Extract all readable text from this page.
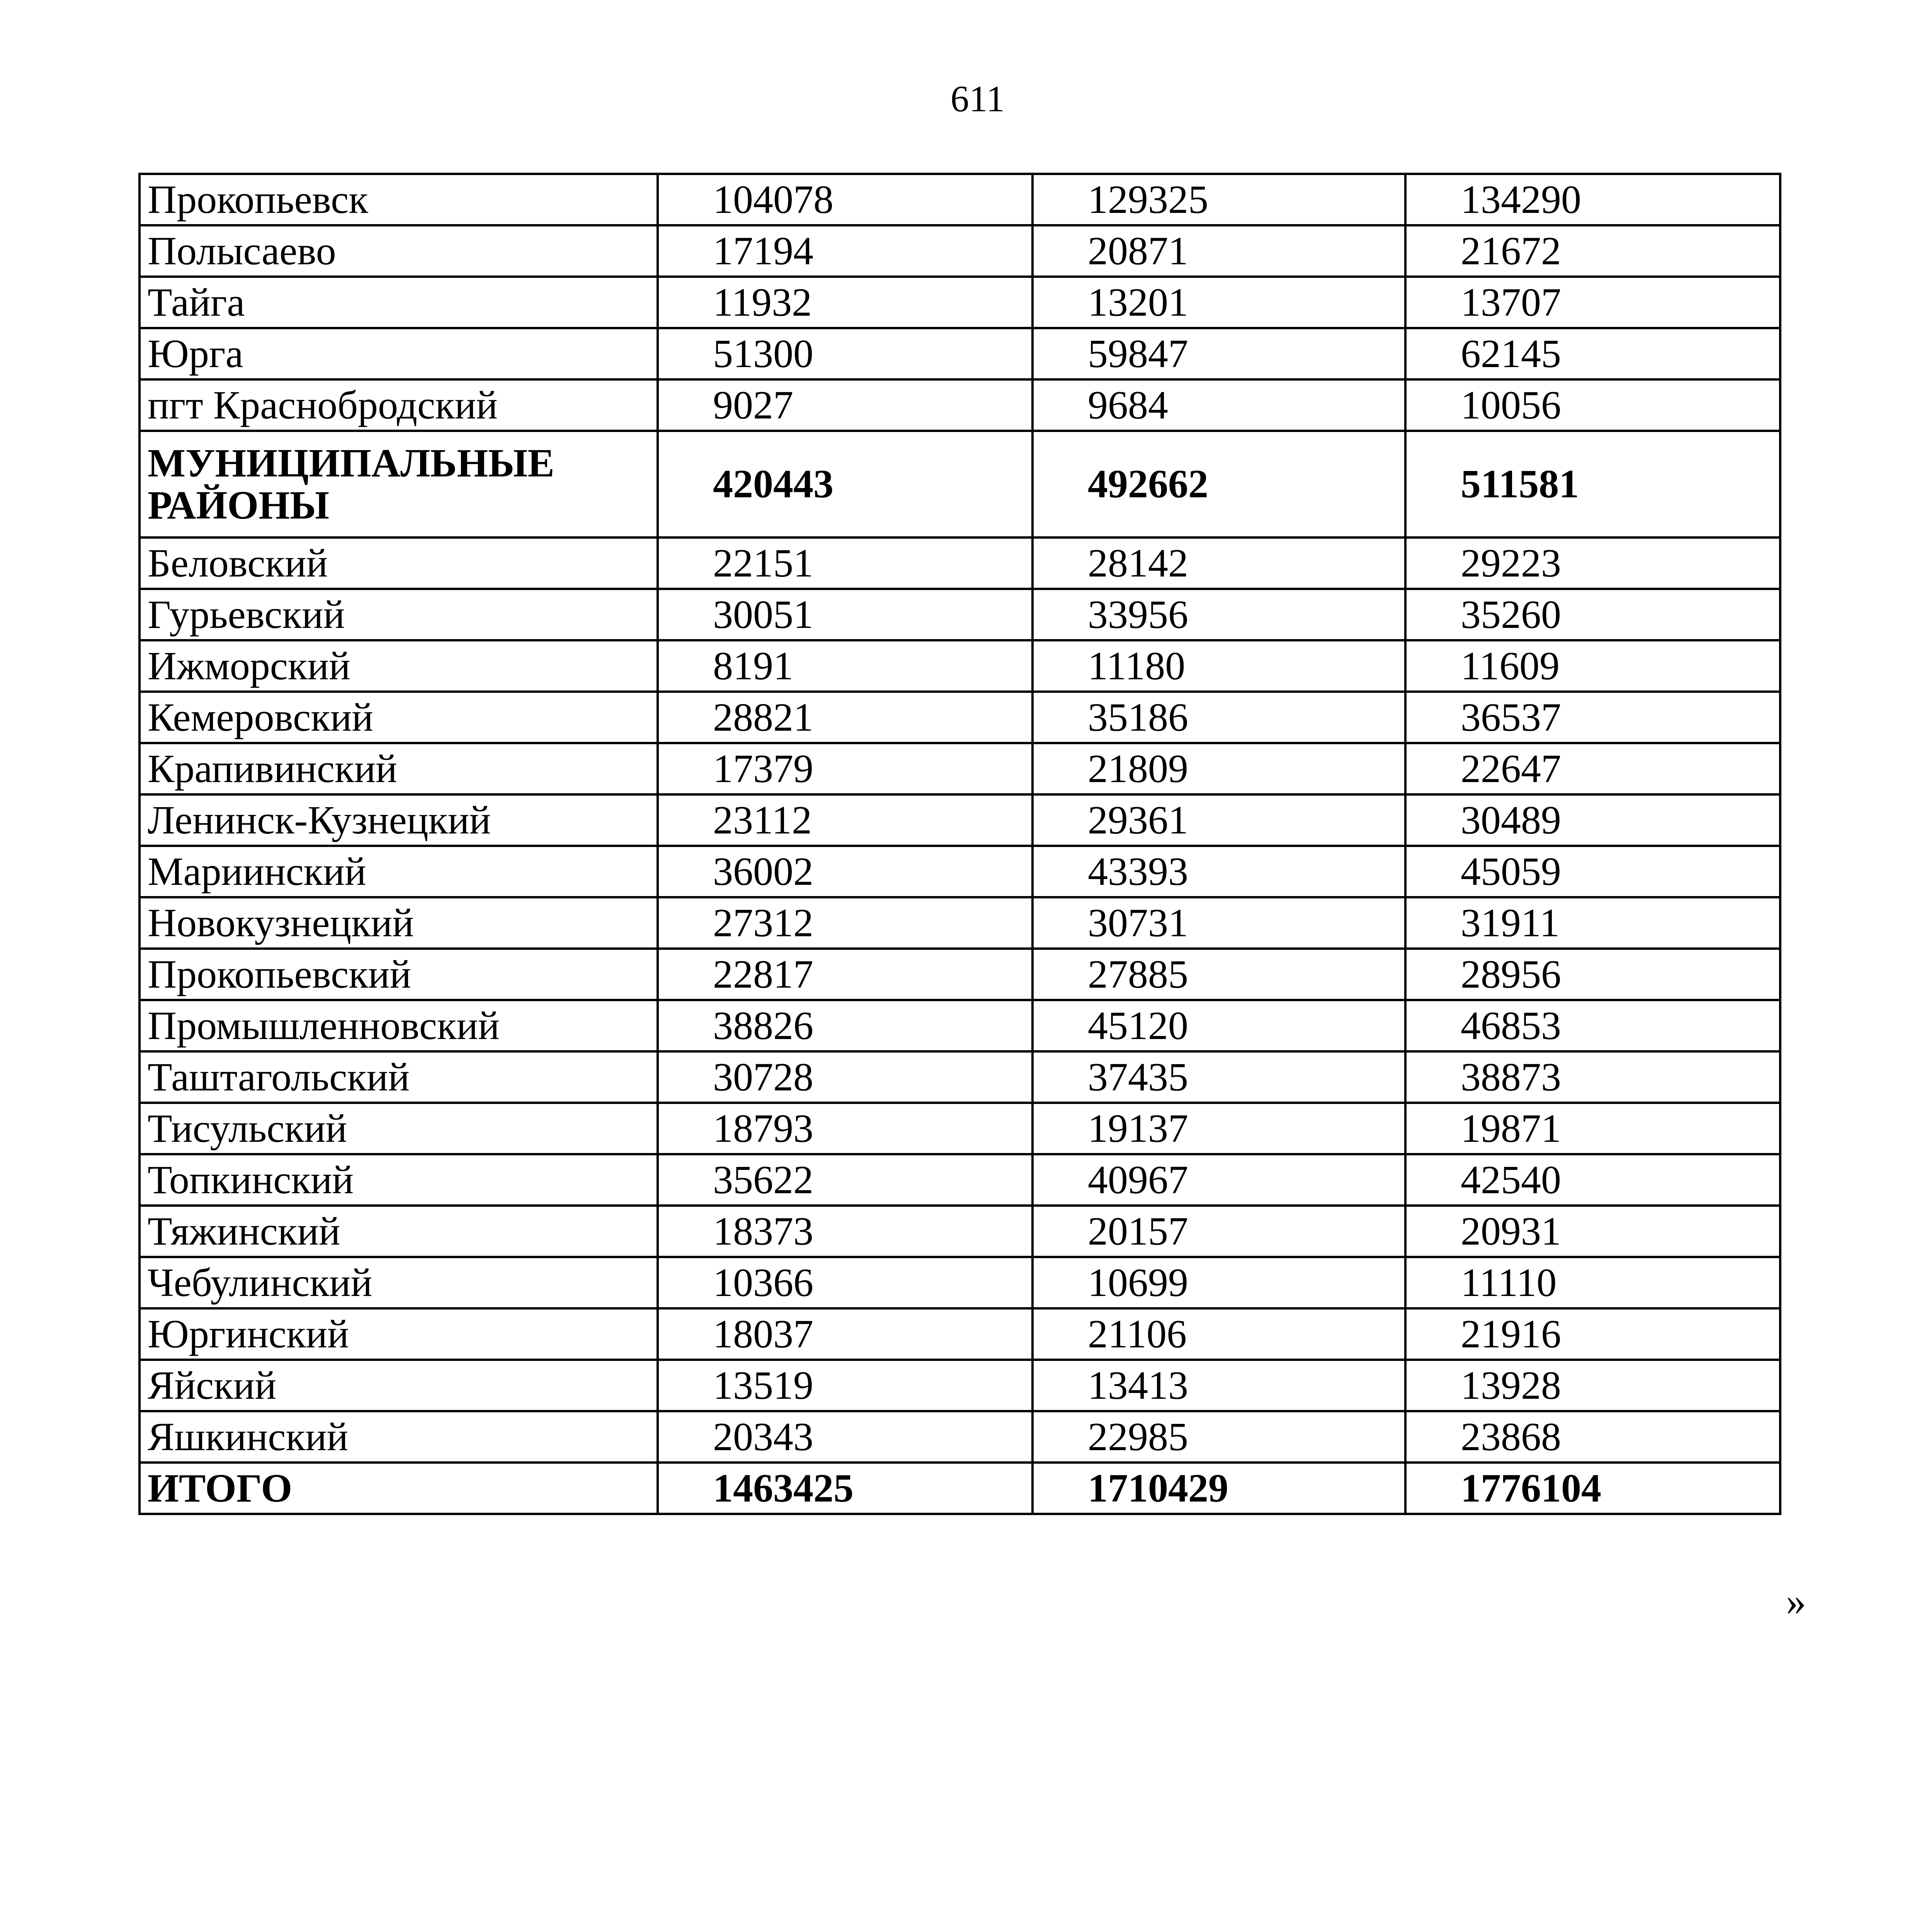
611
Прокопьевск	104078	129325	134290
Полысаево	17194	20871	21672
Тайга	11932	13201	13707
Юрга	51300	59847	62145
пгт Краснобродский	9027	9684	10056
МУНИЦИПАЛЬНЫЕ РАЙОНЫ	420443	492662	511581
Беловский	22151	28142	29223
Гурьевский	30051	33956	35260
Ижморский	8191	11180	11609
Кемеровский	28821	35186	36537
Крапивинский	17379	21809	22647
Ленинск-Кузнецкий	23112	29361	30489
Мариинский	36002	43393	45059
Новокузнецкий	27312	30731	31911
Прокопьевский	22817	27885	28956
Промышленновский	38826	45120	46853
Таштагольский	30728	37435	38873
Тисульский	18793	19137	19871
Топкинский	35622	40967	42540
Тяжинский	18373	20157	20931
Чебулинский	10366	10699	11110
Юргинский	18037	21106	21916
Яйский	13519	13413	13928
Яшкинский	20343	22985	23868
ИТОГО	1463425	1710429	1776104
»
